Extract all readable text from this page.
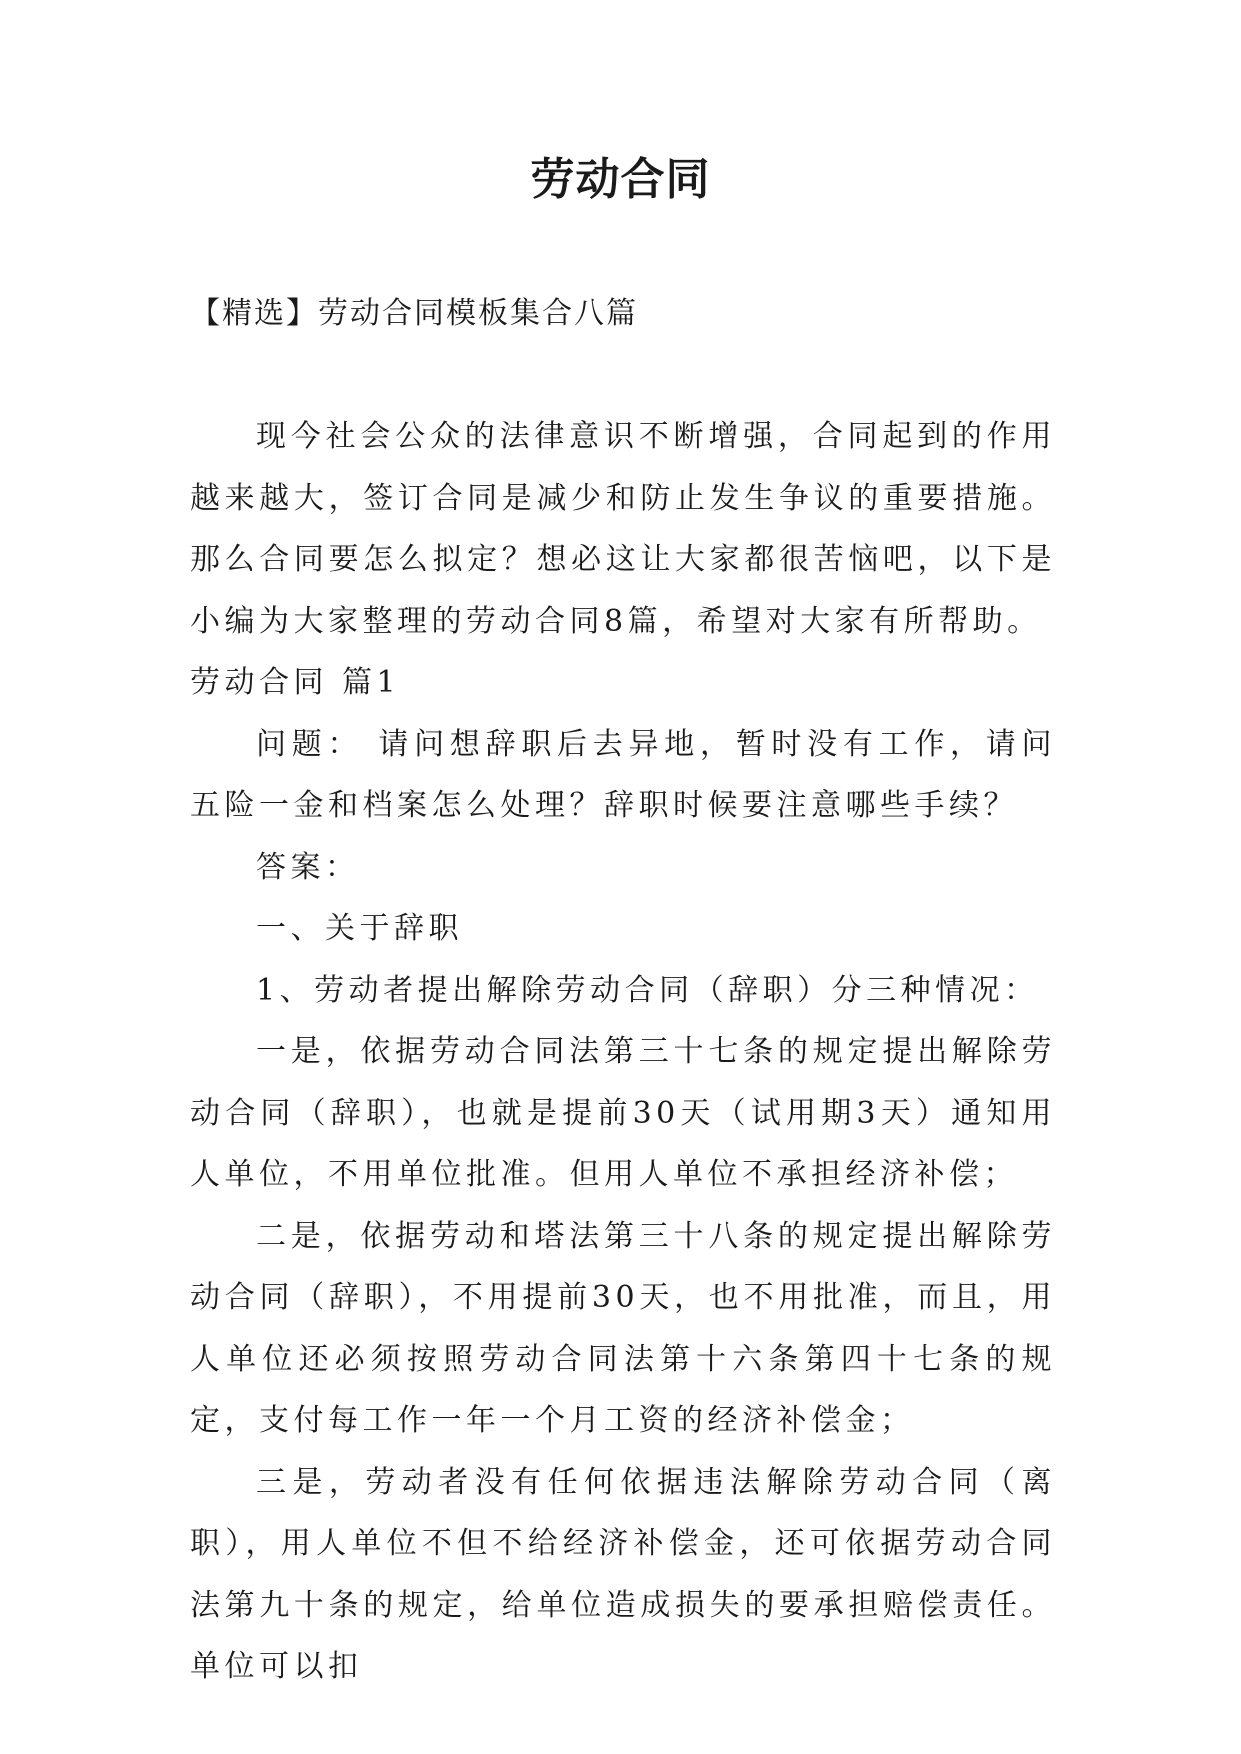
劳动合同
【精选】劳动合同模板集合八篇

现今社会公众的法律意识不断增强，合同起到的作用越来越大，签订合同是减少和防止发生争议的重要措施。那么合同要怎么拟定？想必这让大家都很苦恼吧，以下是小编为大家整理的劳动合同8篇，希望对大家有所帮助。

劳动合同 篇1

问题： 请问想辞职后去异地，暂时没有工作，请问五险一金和档案怎么处理？辞职时候要注意哪些手续？

答案：

一、关于辞职

1、劳动者提出解除劳动合同（辞职）分三种情况：

一是，依据劳动合同法第三十七条的规定提出解除劳动合同（辞职），也就是提前30天（试用期3天）通知用人单位，不用单位批准。但用人单位不承担经济补偿；

二是，依据劳动和塔法第三十八条的规定提出解除劳动合同（辞职），不用提前30天，也不用批准，而且，用人单位还必须按照劳动合同法第十六条第四十七条的规定，支付每工作一年一个月工资的经济补偿金；

三是，劳动者没有任何依据违法解除劳动合同（离职），用人单位不但不给经济补偿金，还可依据劳动合同法第九十条的规定，给单位造成损失的要承担赔偿责任。单位可以扣
